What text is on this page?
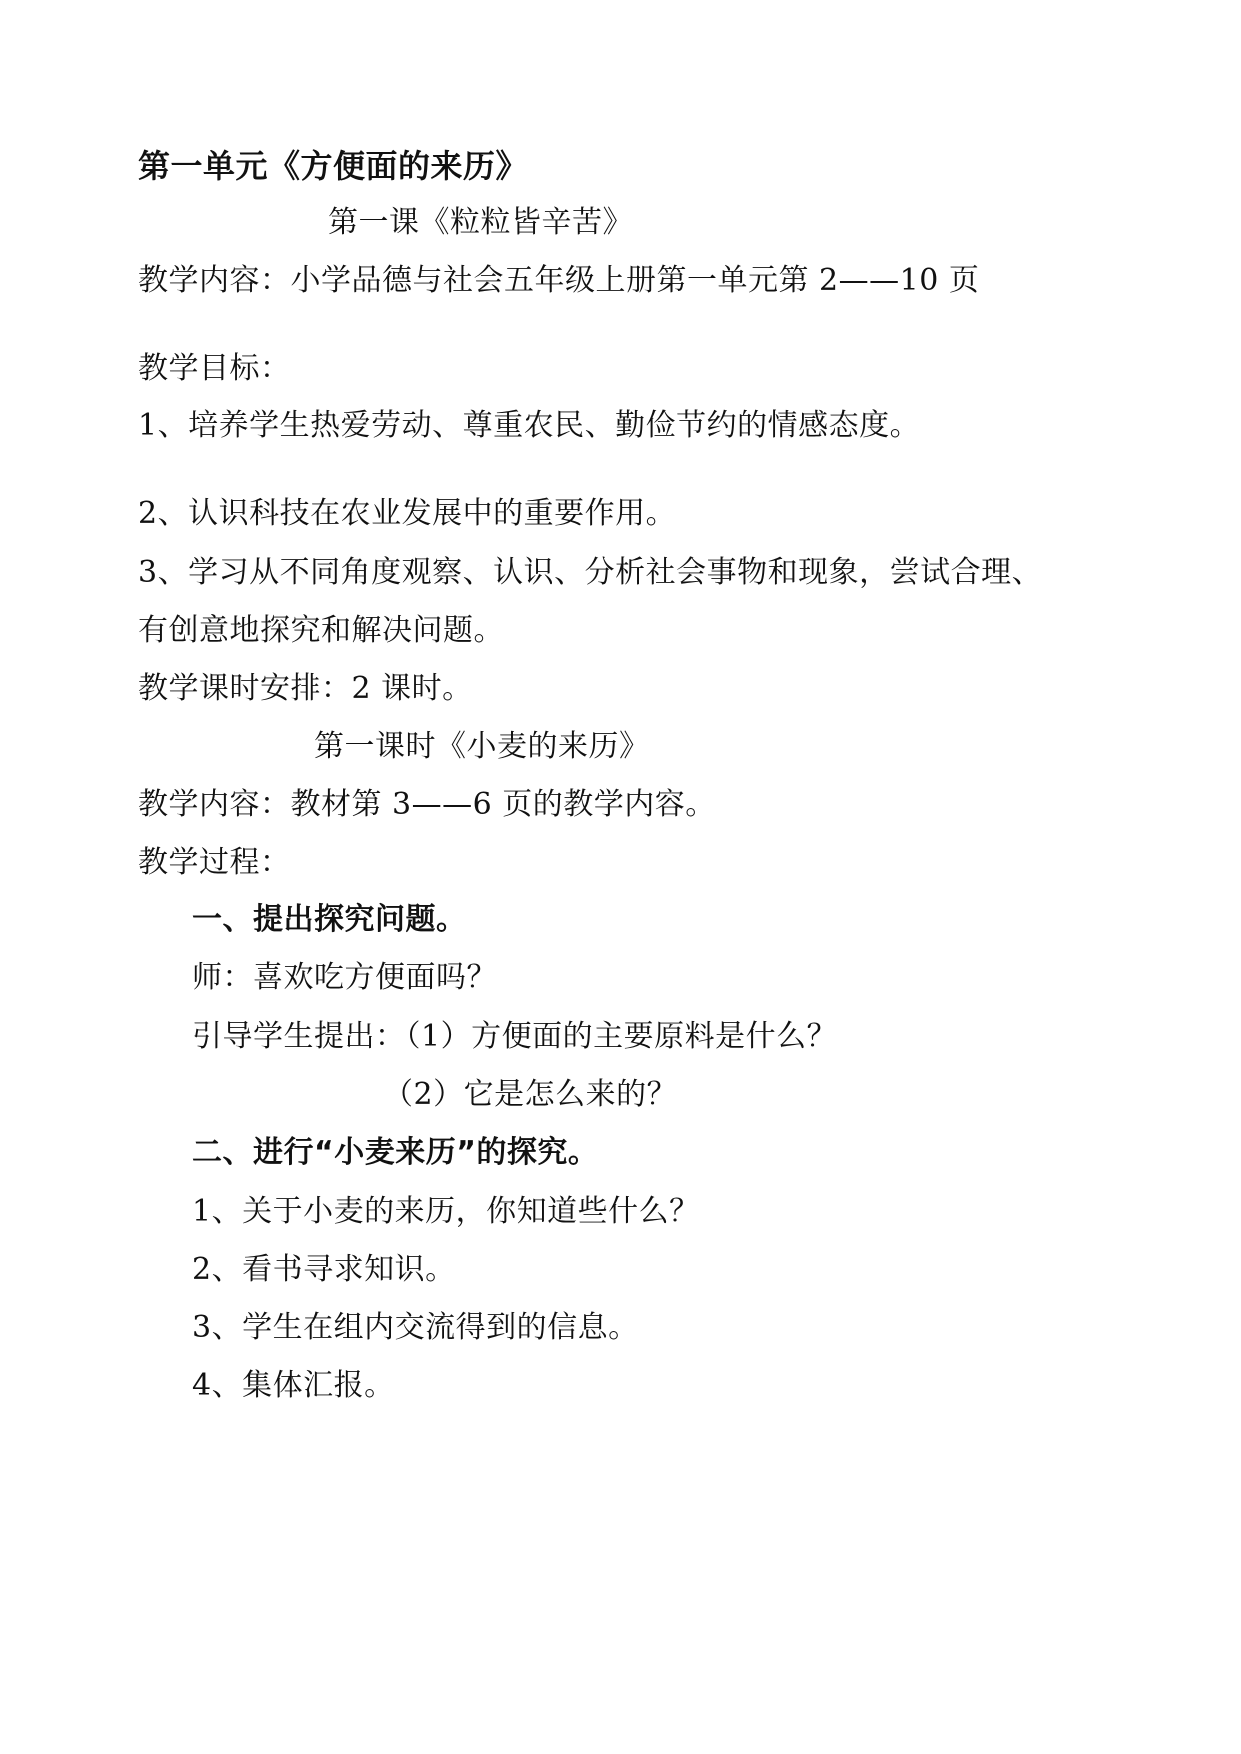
第一单元《方便面的来历》
第一课《粒粒皆辛苦》
教学内容：小学品德与社会五年级上册第一单元第 2——10 页
教学目标：
1、培养学生热爱劳动、尊重农民、勤俭节约的情感态度。
2、认识科技在农业发展中的重要作用。
3、学习从不同角度观察、认识、分析社会事物和现象，尝试合理、
有创意地探究和解决问题。
教学课时安排：2 课时。
第一课时《小麦的来历》
教学内容：教材第 3——6 页的教学内容。
教学过程：
一、提出探究问题。
师：喜欢吃方便面吗？
引导学生提出：（1）方便面的主要原料是什么？
（2）它是怎么来的？
二、进行“小麦来历”的探究。
1、关于小麦的来历，你知道些什么？
2、看书寻求知识。
3、学生在组内交流得到的信息。
4、集体汇报。
